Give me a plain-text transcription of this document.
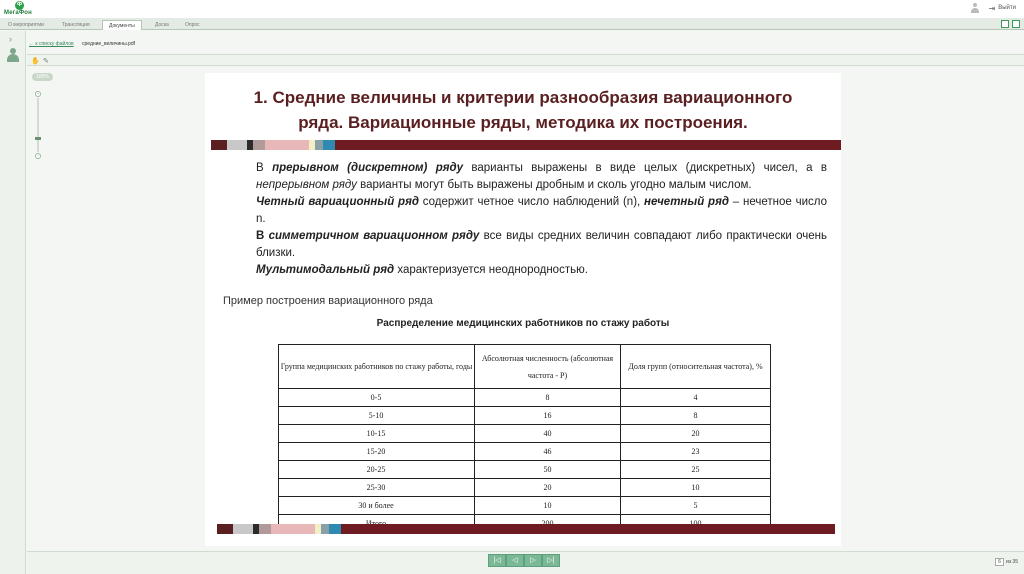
Ф
МегаФон
⇥ Выйти
О мероприятии	Трансляция	Документы	Доска	Опрос
›	← к списку файлов средние_величины.pdf
✋ ✎
100%
+
−
1. Средние величины и критерии разнообразия вариационного
ряда. Вариационные ряды, методика их построения.

В прерывном (дискретном) ряду варианты выражены в виде целых (дискретных) чисел, а в непрерывном ряду варианты могут быть выражены дробным и сколь угодно малым числом.

Четный вариационный ряд содержит четное число наблюдений (n), нечетный ряд – нечетное число n.

В симметричном вариационном ряду все виды средних величин совпадают либо практически очень близки.

Мультимодальный ряд характеризуется неоднородностью.

Пример построения вариационного ряда
Распределение медицинских работников по стажу работы
Группа медицинских работников по стажу работы, годы	Абсолютная численность (абсолютная частота - Р)	Доля групп (относительная частота), %
0-5	8	4
5-10	16	8
10-15	40	20
15-20	46	23
20-25	50	25
25-30	20	10
30 и более	10	5

|◁	◁	▷	▷|	6	из 35
